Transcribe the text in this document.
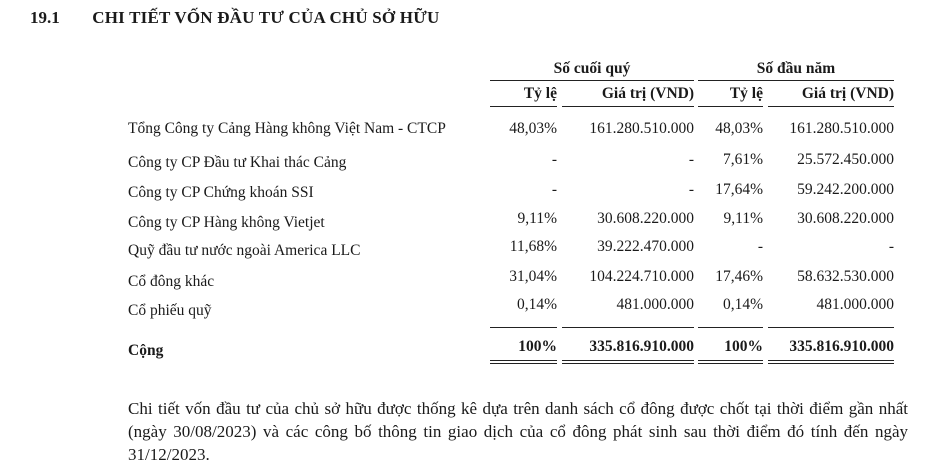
19.1 CHI TIẾT VỐN ĐẦU TƯ CỦA CHỦ SỞ HỮU
Số cuối quý	Số đầu năm
Tỷ lệ	Giá trị (VND)	Tỷ lệ	Giá trị (VND)
Tổng Công ty Cảng Hàng không Việt Nam - CTCP	48,03%	161.280.510.000	48,03%	161.280.510.000
Công ty CP Đầu tư Khai thác Cảng	-	-	7,61%	25.572.450.000
Công ty CP Chứng khoán SSI	-	-	17,64%	59.242.200.000
Công ty CP Hàng không Vietjet	9,11%	30.608.220.000	9,11%	30.608.220.000
Quỹ đầu tư nước ngoài America LLC	11,68%	39.222.470.000	-	-
Cổ đông khác	31,04%	104.224.710.000	17,46%	58.632.530.000
Cổ phiếu quỹ	0,14%	481.000.000	0,14%	481.000.000
Cộng	100%	335.816.910.000	100%	335.816.910.000
Chi tiết vốn đầu tư của chủ sở hữu được thống kê dựa trên danh sách cổ đông được chốt tại thời điểm gần nhất (ngày 30/08/2023) và các công bố thông tin giao dịch của cổ đông phát sinh sau thời điểm đó tính đến ngày 31/12/2023.
